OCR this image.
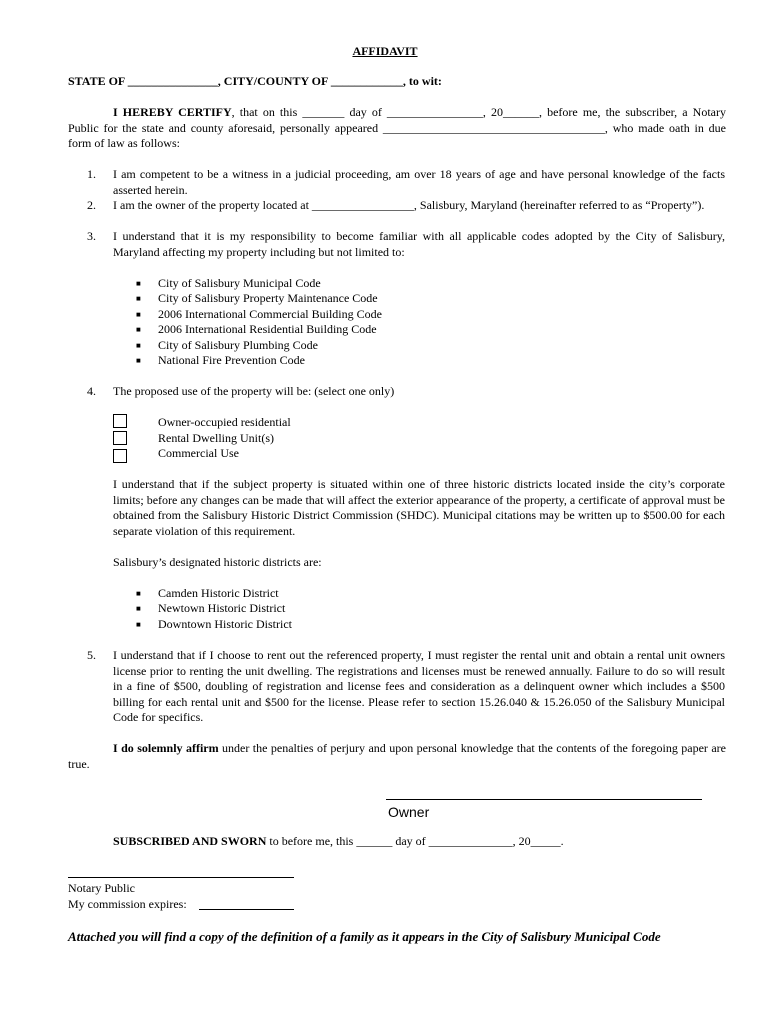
AFFIDAVIT
STATE OF _______________, CITY/COUNTY OF ____________, to wit:
I HEREBY CERTIFY, that on this _______ day of ________________, 20______, before me, the subscriber, a Notary Public for the state and county aforesaid, personally appeared _____________________________________, who made oath in due form of law as follows:
1. I am competent to be a witness in a judicial proceeding, am over 18 years of age and have personal knowledge of the facts asserted herein.
2. I am the owner of the property located at _________________, Salisbury, Maryland (hereinafter referred to as “Property”).
3. I understand that it is my responsibility to become familiar with all applicable codes adopted by the City of Salisbury, Maryland affecting my property including but not limited to:
■ City of Salisbury Municipal Code
■ City of Salisbury Property Maintenance Code
■ 2006 International Commercial Building Code
■ 2006 International Residential Building Code
■ City of Salisbury Plumbing Code
■ National Fire Prevention Code
4. The proposed use of the property will be: (select one only)
Owner-occupied residential
Rental Dwelling Unit(s)
Commercial Use
I understand that if the subject property is situated within one of three historic districts located inside the city’s corporate limits; before any changes can be made that will affect the exterior appearance of the property, a certificate of approval must be obtained from the Salisbury Historic District Commission (SHDC). Municipal citations may be written up to $500.00 for each separate violation of this requirement.
Salisbury’s designated historic districts are:
■ Camden Historic District
■ Newtown Historic District
■ Downtown Historic District
5. I understand that if I choose to rent out the referenced property, I must register the rental unit and obtain a rental unit owners license prior to renting the unit dwelling. The registrations and licenses must be renewed annually. Failure to do so will result in a fine of $500, doubling of registration and license fees and consideration as a delinquent owner which includes a $500 billing for each rental unit and $500 for the license. Please refer to section 15.26.040 & 15.26.050 of the Salisbury Municipal Code for specifics.
I do solemnly affirm under the penalties of perjury and upon personal knowledge that the contents of the foregoing paper are true.
Owner
SUBSCRIBED AND SWORN to before me, this ______ day of ______________, 20_____.
Notary Public
My commission expires:
Attached you will find a copy of the definition of a family as it appears in the City of Salisbury Municipal Code
